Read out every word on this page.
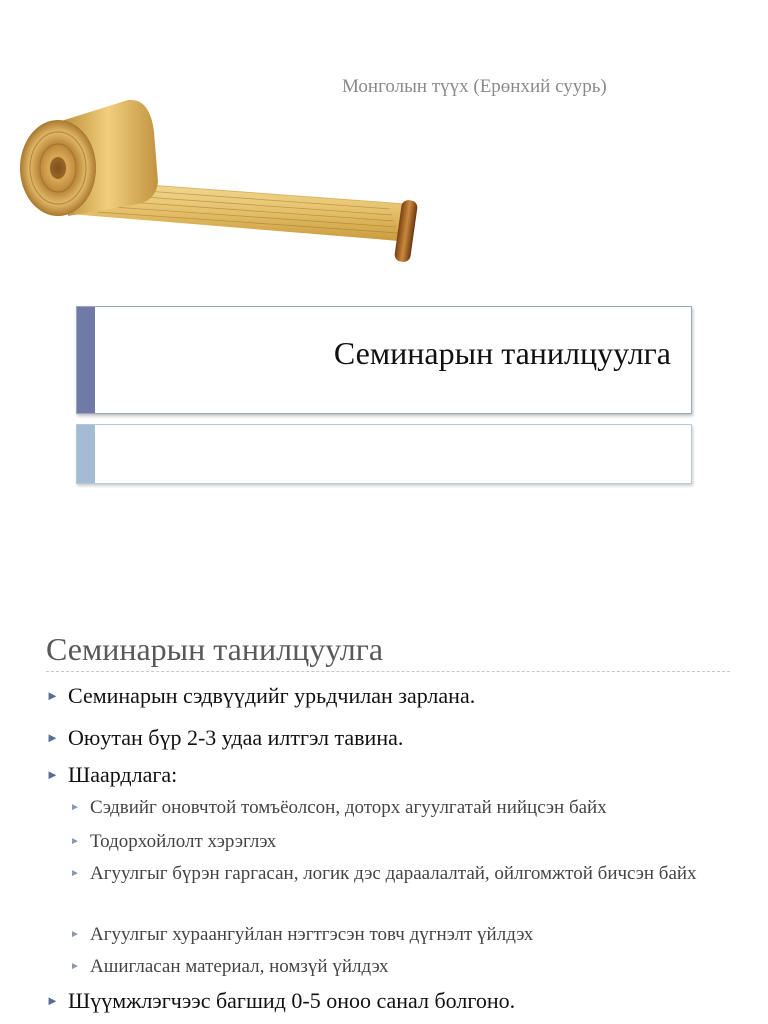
Монголын түүх (Ерөнхий суурь)
Семинарын танилцуулга
Семинарын танилцуулга
► Семинарын сэдвүүдийг урьдчилан зарлана.
► Оюутан бүр 2-3 удаа илтгэл тавина.
► Шаардлага:
► Сэдвийг оновчтой томъёолсон, доторх агуулгатай нийцсэн байх
► Тодорхойлолт хэрэглэх
► Агуулгыг бүрэн гаргасан, логик дэс дараалалтай, ойлгомжтой бичсэн байх
► Агуулгыг хураангуйлан нэгтгэсэн товч дүгнэлт үйлдэх
► Ашигласан материал, номзүй үйлдэх
► Шүүмжлэгчээс багшид 0-5 оноо санал болгоно.
